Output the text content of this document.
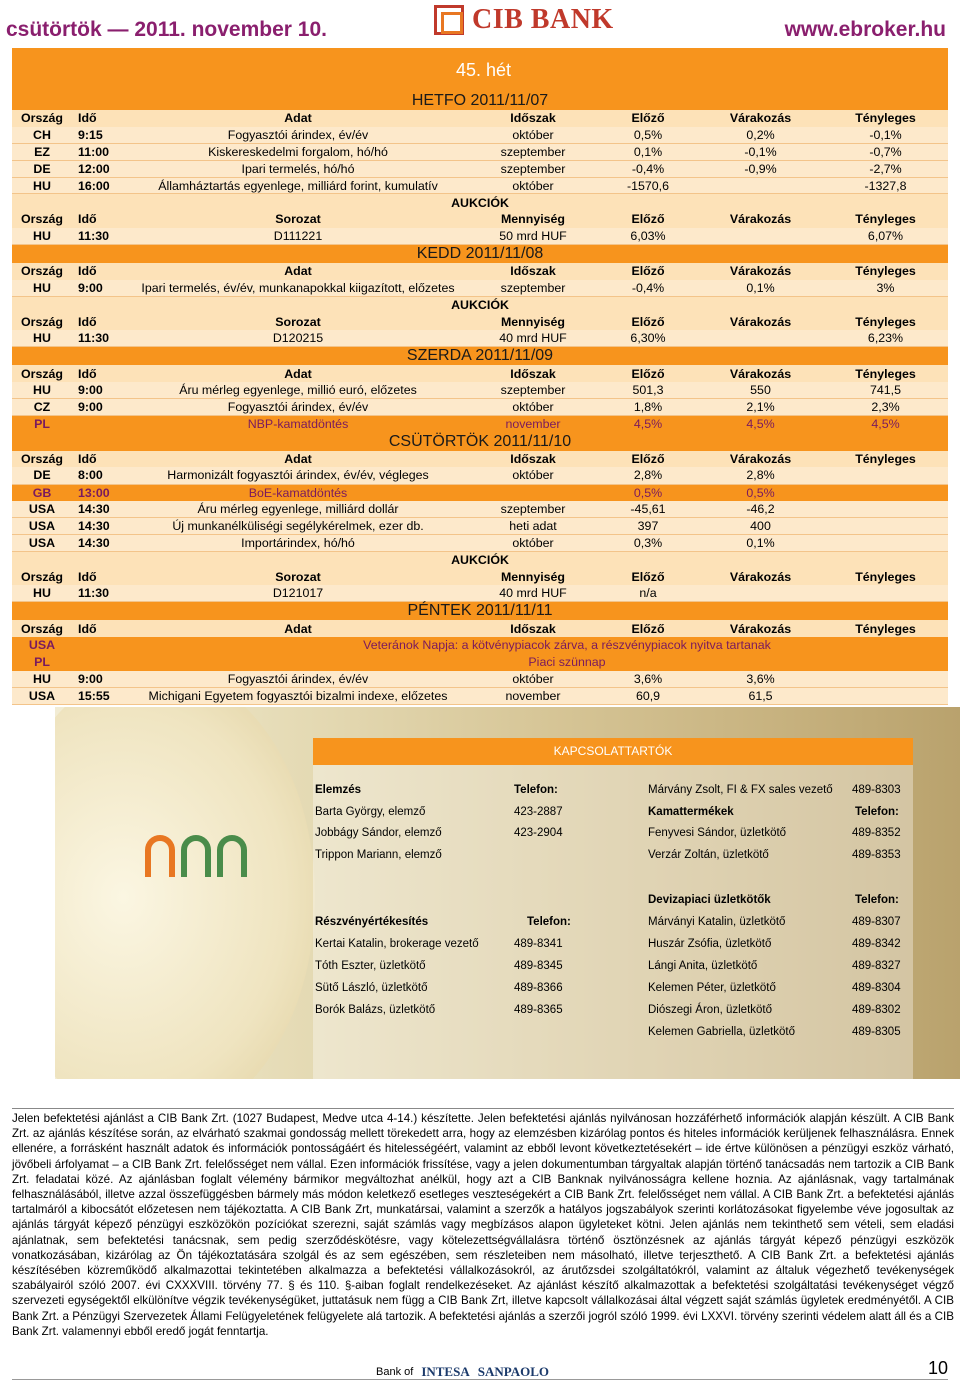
csütörtök — 2011. november 10.	CIB BANK	www.ebroker.hu
45. hét
HETFO 2011/11/07						
Ország	Idő	Adat	Időszak	Előző	Várakozás	Tényleges
CH	9:15	Fogyasztói árindex, év/év	október	0,5%	0,2%	-0,1%
EZ	11:00	Kiskereskedelmi forgalom, hó/hó	szeptember	0,1%	-0,1%	-0,7%
DE	12:00	Ipari termelés, hó/hó	szeptember	-0,4%	-0,9%	-2,7%
HU	16:00	Államháztartás egyenlege, milliárd forint, kumulatív	október	-1570,6		-1327,8
AUKCIÓK						
Ország	Idő	Sorozat	Mennyiség	Előző	Várakozás	Tényleges
HU	11:30	D111221	50 mrd HUF	6,03%		6,07%
KEDD 2011/11/08						
Ország	Idő	Adat	Időszak	Előző	Várakozás	Tényleges
HU	9:00	Ipari termelés, év/év, munkanapokkal kiigazított, előzetes	szeptember	-0,4%	0,1%	3%
AUKCIÓK						
Ország	Idő	Sorozat	Mennyiség	Előző	Várakozás	Tényleges
HU	11:30	D120215	40 mrd HUF	6,30%		6,23%
SZERDA 2011/11/09						
Ország	Idő	Adat	Időszak	Előző	Várakozás	Tényleges
HU	9:00	Áru mérleg egyenlege, millió euró, előzetes	szeptember	501,3	550	741,5
CZ	9:00	Fogyasztói árindex, év/év	október	1,8%	2,1%	2,3%
PL		NBP-kamatdöntés	november	4,5%	4,5%	4,5%
CSÜTÖRTÖK 2011/11/10						
Ország	Idő	Adat	Időszak	Előző	Várakozás	Tényleges
DE	8:00	Harmonizált fogyasztói árindex, év/év, végleges	október	2,8%	2,8%	
GB	13:00	BoE-kamatdöntés		0,5%	0,5%	
USA	14:30	Áru mérleg egyenlege, milliárd dollár	szeptember	-45,61	-46,2	
USA	14:30	Új munkanélküliségi segélykérelmek, ezer db.	heti adat	397	400	
USA	14:30	Importárindex, hó/hó	október	0,3%	0,1%	
AUKCIÓK						
Ország	Idő	Sorozat	Mennyiség	Előző	Várakozás	Tényleges
HU	11:30	D121017	40 mrd HUF	n/a		
PÉNTEK 2011/11/11						
Ország	Idő	Adat	Időszak	Előző	Várakozás	Tényleges
USA		Veteránok Napja: a kötvénypiacok zárva, a részvénypiacok nyitva tartanak				
PL		Piaci szünnap				
HU	9:00	Fogyasztói árindex, év/év	október	3,6%	3,6%	
USA	15:55	Michigani Egyetem fogyasztói bizalmi indexe, előzetes	november	60,9	61,5	
KAPCSOLATTARTÓK
Elemzés	Telefon:
Barta György, elemző	423-2887
Jobbágy Sándor, elemző	423-2904
Trippon Mariann, elemző
Részvényértékesítés	Telefon:
Kertai Katalin, brokerage vezető	489-8341
Tóth Eszter, üzletkötő	489-8345
Sütő László, üzletkötő	489-8366
Borók Balázs, üzletkötő	489-8365
Márvány Zsolt, FI & FX sales vezető 489-8303
Kamattermékek	Telefon:
Fenyvesi Sándor, üzletkötő	489-8352
Verzár Zoltán, üzletkötő	489-8353
Devizapiaci üzletkötők	Telefon:
Márványi Katalin, üzletkötő	489-8307
Huszár Zsófia, üzletkötő	489-8342
Lángi Anita, üzletkötő	489-8327
Kelemen Péter, üzletkötő	489-8304
Diószegi Áron, üzletkötő	489-8302
Kelemen Gabriella, üzletkötő	489-8305
Jelen befektetési ajánlást a CIB Bank Zrt. (1027 Budapest, Medve utca 4-14.) készítette. Jelen befektetési ajánlás nyilvánosan hozzáférhető információk alapján készült. A CIB Bank Zrt. az ajánlás készítése során, az elvárható szakmai gondosság mellett törekedett arra, hogy az elemzésben kizárólag pontos és hiteles információk kerüljenek felhasználásra. Ennek ellenére, a forrásként használt adatok és információk pontosságáért és hitelességéért, valamint az ebből levont következtetésekért – ide értve különösen a pénzügyi eszköz várható, jövőbeli árfolyamat – a CIB Bank Zrt. felelősséget nem vállal. Ezen információk frissítése, vagy a jelen dokumentumban tárgyaltak alapján történő tanácsadás nem tartozik a CIB Bank Zrt. feladatai közé. Az ajánlásban foglalt vélemény bármikor megváltozhat anélkül, hogy azt a CIB Banknak nyilvánosságra kellene hoznia. Az ajánlásnak, vagy tartalmának felhasználásából, illetve azzal összefüggésben bármely más módon keletkező esetleges veszteségekért a CIB Bank Zrt. felelősséget nem vállal. A CIB Bank Zrt. a befektetési ajánlás tartalmáról a kibocsátót előzetesen nem tájékoztatta. A CIB Bank Zrt, munkatársai, valamint a szerzők a hatályos jogszabályok szerinti korlátozásokat figyelembe véve jogosultak az ajánlás tárgyát képező pénzügyi eszközökön pozíciókat szerezni, saját számlás vagy megbízásos alapon ügyleteket kötni. Jelen ajánlás nem tekinthető sem vételi, sem eladási ajánlatnak, sem befektetési tanácsnak, sem pedig szerződéskötésre, vagy kötelezettségvállalásra történő ösztönzésnek az ajánlás tárgyát képező pénzügyi eszközök vonatkozásában, kizárólag az Ön tájékoztatására szolgál és az sem egészében, sem részleteiben nem másolható, illetve terjeszthető. A CIB Bank Zrt. a befektetési ajánlás készítésében közreműködő alkalmazottai tekintetében alkalmazza a befektetési vállalkozásokról, az árutőzsdei szolgáltatókról, valamint az általuk végezhető tevékenységek szabályairól szóló 2007. évi CXXXVIII. törvény 77. § és 110. §-aiban foglalt rendelkezéseket. Az ajánlást készítő alkalmazottak a befektetési szolgáltatási tevékenységet végző szervezeti egységektől elkülönítve végzik tevékenységüket, juttatásuk nem függ a CIB Bank Zrt, illetve kapcsolt vállalkozásai által végzett saját számlás ügyletek eredményétől. A CIB Bank Zrt. a Pénzügyi Szervezetek Állami Felügyeletének felügyelete alá tartozik. A befektetési ajánlás a szerzői jogról szóló 1999. évi LXXVI. törvény szerinti védelem alatt áll és a CIB Bank Zrt. valamennyi ebből eredő jogát fenntartja.
Bank of INTESA SANPAOLO	10
